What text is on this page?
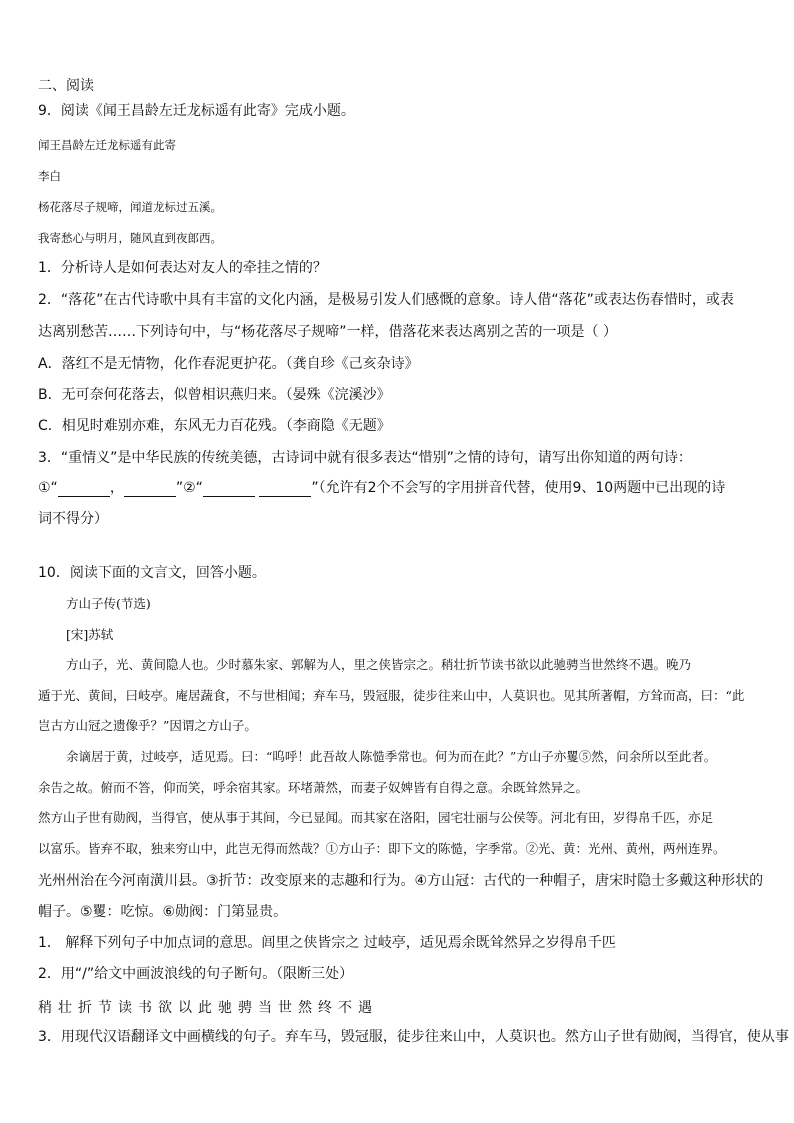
二、阅读
9．阅读《闻王昌龄左迁龙标遥有此寄》完成小题。
闻王昌龄左迁龙标遥有此寄
李白
杨花落尽子规啼，闻道龙标过五溪。
我寄愁心与明月，随风直到夜郎西。
1．分析诗人是如何表达对友人的牵挂之情的？
2．“落花”在古代诗歌中具有丰富的文化内涵，是极易引发人们感慨的意象。诗人借“落花”或表达伤春惜时，或表
达离别愁苦……下列诗句中，与“杨花落尽子规啼”一样，借落花来表达离别之苦的一项是（ ）
A．落红不是无情物，化作春泥更护花。（龚自珍《己亥杂诗》
B．无可奈何花落去，似曾相识燕归来。（晏殊《浣溪沙》
C．相见时难别亦难，东风无力百花残。（李商隐《无题》
3．“重情义”是中华民族的传统美德，古诗词中就有很多表达“惜别”之情的诗句，请写出你知道的两句诗：
①“	，	”②“	”（允许有2个不会写的字用拼音代替，使用9、10两题中已出现的诗
词不得分）
10．阅读下面的文言文，回答小题。
方山子传(节选)
[宋]苏轼
方山子，光、黄间隐人也。少时慕朱家、郭解为人，里之侠皆宗之。稍壮折节读书欲以此驰骋当世然终不遇。晚乃
遁于光、黄间，曰岐亭。庵居蔬食，不与世相闻；弃车马，毁冠服，徒步往来山中，人莫识也。见其所著帽，方耸而高，曰：“此
岂古方山冠之遗像乎？”因谓之方山子。
余谪居于黄，过岐亭，适见焉。曰：“呜呼！此吾故人陈慥季常也。何为而在此？”方山子亦矍⑤然，问余所以至此者。
余告之故。俯而不答，仰而笑，呼余宿其家。环堵萧然，而妻子奴婢皆有自得之意。余既耸然异之。
然方山子世有勋阀，当得官，使从事于其间，今已显闻。而其家在洛阳，园宅壮丽与公侯等。河北有田，岁得帛千匹，亦足
以富乐。皆弃不取，独来穷山中，此岂无得而然哉？①方山子：即下文的陈慥，字季常。②光、黄：光州、黄州，两州连界。
光州州治在今河南潢川县。③折节：改变原来的志趣和行为。④方山冠：古代的一种帽子，唐宋时隐士多戴这种形状的
帽子。⑤矍：吃惊。⑥勋阀：门第显贵。
1． 解释下列句子中加点词的意思。闾里之侠皆宗之 过岐亭，适见焉余既耸然异之岁得帛千匹
2．用“/”给文中画波浪线的句子断句。（限断三处）
稍壮折节读书欲以此驰骋当世然终不遇
3．用现代汉语翻译文中画横线的句子。弃车马，毁冠服，徒步往来山中，人莫识也。然方山子世有勋阀，当得官，使从事
